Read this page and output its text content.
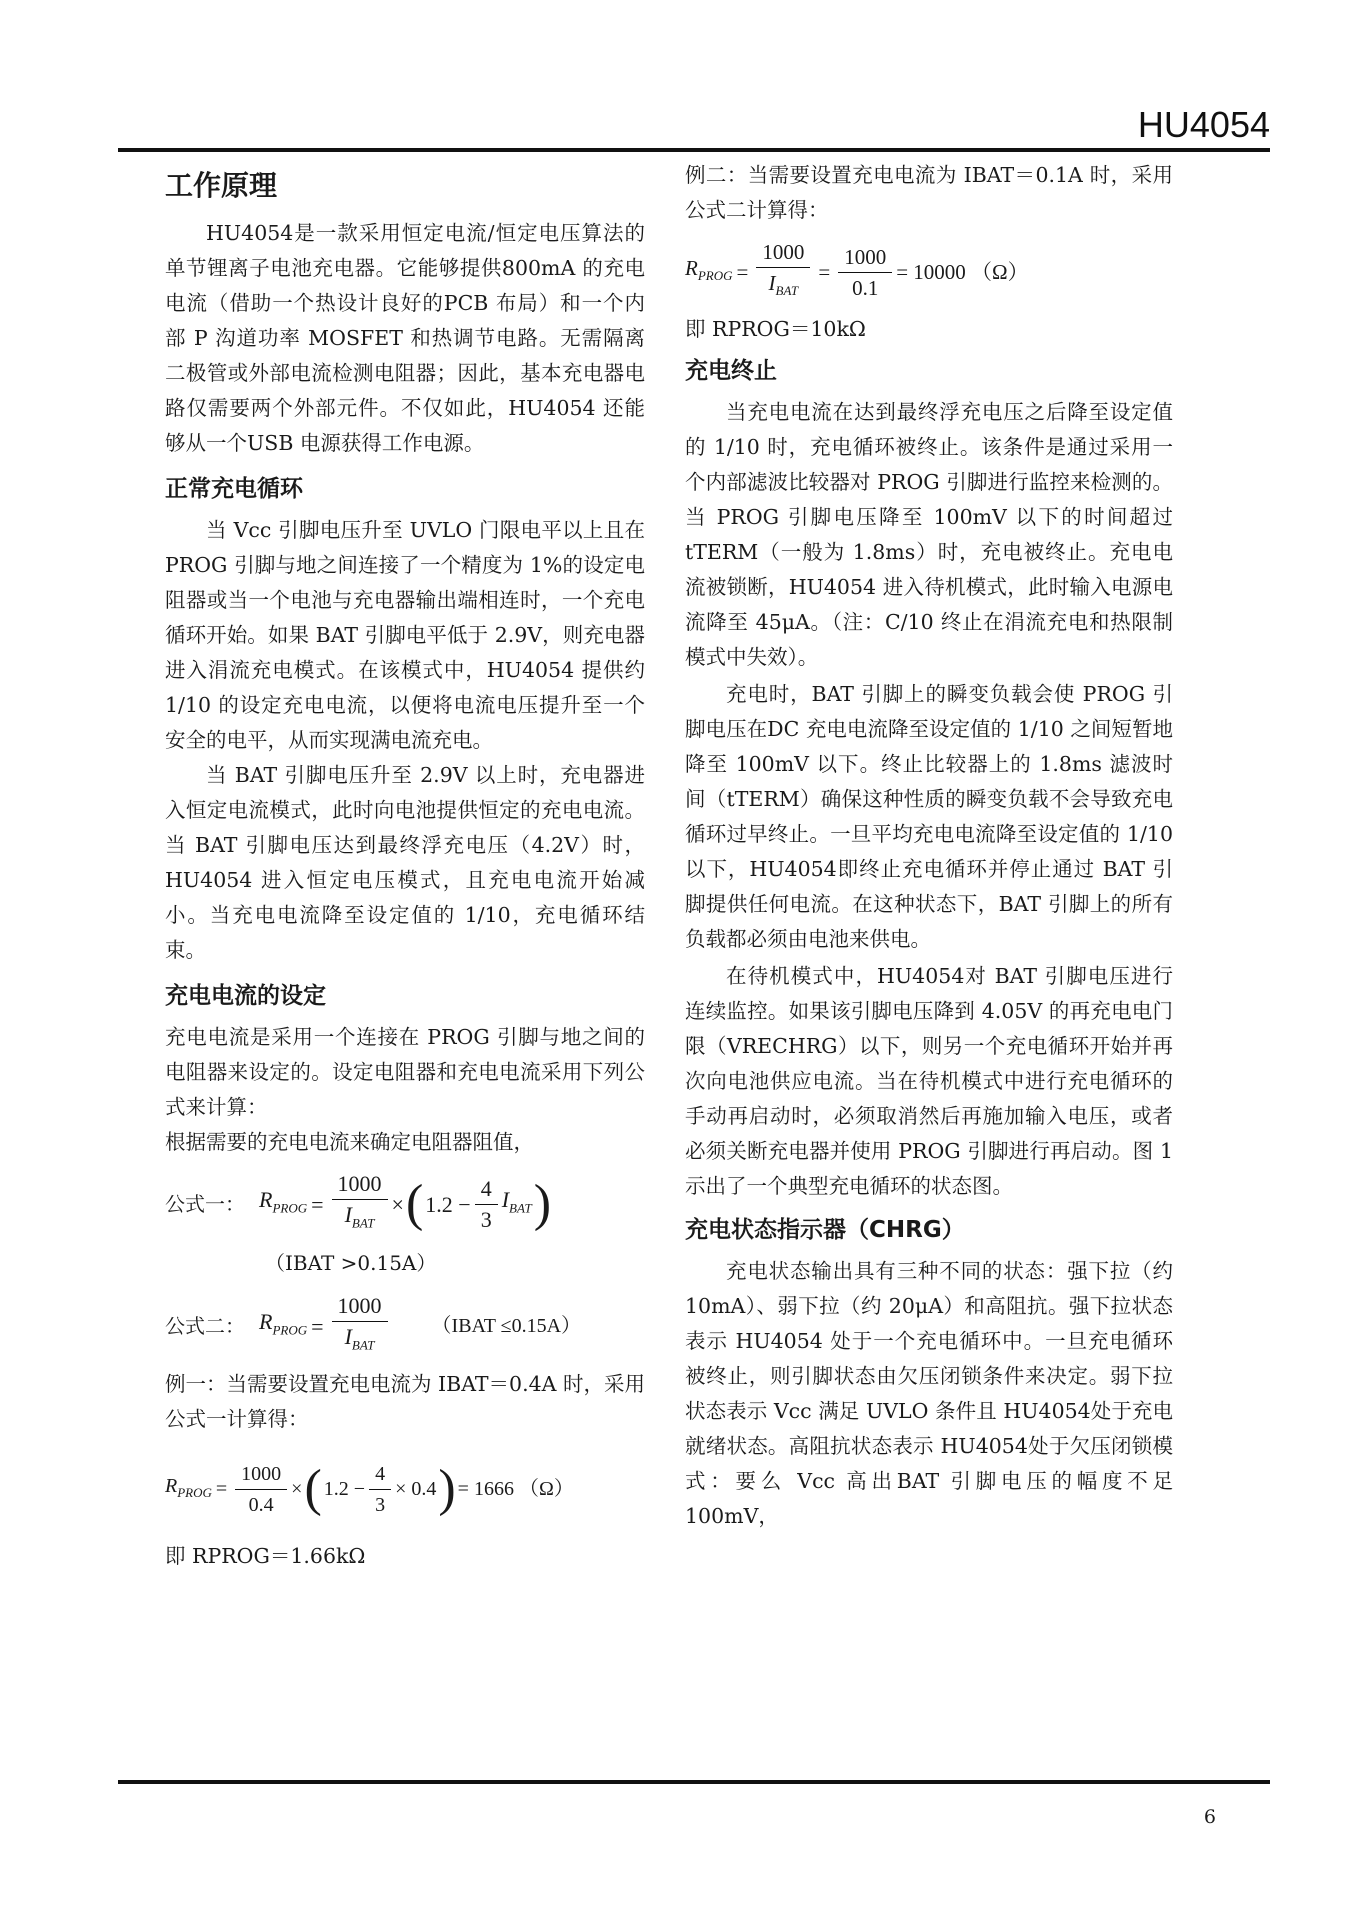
HU4054
工作原理

HU4054是一款采用恒定电流/恒定电压算法的单节锂离子电池充电器。它能够提供800mA 的充电电流（借助一个热设计良好的PCB 布局）和一个内部 P 沟道功率 MOSFET 和热调节电路。无需隔离二极管或外部电流检测电阻器；因此，基本充电器电路仅需要两个外部元件。不仅如此，HU4054 还能够从一个USB 电源获得工作电源。

正常充电循环

当 Vcc 引脚电压升至 UVLO 门限电平以上且在 PROG 引脚与地之间连接了一个精度为 1%的设定电阻器或当一个电池与充电器输出端相连时，一个充电循环开始。如果 BAT 引脚电平低于 2.9V，则充电器进入涓流充电模式。在该模式中，HU4054 提供约 1/10 的设定充电电流，以便将电流电压提升至一个安全的电平，从而实现满电流充电。

当 BAT 引脚电压升至 2.9V 以上时，充电器进入恒定电流模式，此时向电池提供恒定的充电电流。当 BAT 引脚电压达到最终浮充电压（4.2V）时，HU4054 进入恒定电压模式，且充电电流开始减小。当充电电流降至设定值的 1/10，充电循环结束。

充电电流的设定

充电电流是采用一个连接在 PROG 引脚与地之间的电阻器来设定的。设定电阻器和充电电流采用下列公式来计算：

根据需要的充电电流来确定电阻器阻值，

公式一： $R_{PROG} = \frac{1000}{I_{BAT}}$ × ( $1.2 - \frac{4}{3} I_{BAT}$ )
（IBAT >0.15A）
公式二： $R_{PROG} = \frac{1000}{I_{BAT}}$ （IBAT ≤0.15A）

例一：当需要设置充电电流为 IBAT＝0.4A 时，采用公式一计算得：

$R_{PROG} = \frac{1000}{0.4}$ × ( $1.2 - \frac{4}{3} \times 0.4$ ) = 1666 （Ω）

即 RPROG＝1.66kΩ

例二：当需要设置充电电流为 IBAT＝0.1A 时，采用公式二计算得：

$R_{PROG} = \frac{1000}{I_{BAT}} = \frac{1000}{0.1} = 10000$ （Ω）

即 RPROG＝10kΩ

充电终止

当充电电流在达到最终浮充电压之后降至设定值的 1/10 时，充电循环被终止。该条件是通过采用一个内部滤波比较器对 PROG 引脚进行监控来检测的。当 PROG 引脚电压降至 100mV 以下的时间超过 tTERM（一般为 1.8ms）时，充电被终止。充电电流被锁断，HU4054 进入待机模式，此时输入电源电流降至 45μA。（注：C/10 终止在涓流充电和热限制模式中失效）。

充电时，BAT 引脚上的瞬变负载会使 PROG 引脚电压在DC 充电电流降至设定值的 1/10 之间短暂地降至 100mV 以下。终止比较器上的 1.8ms 滤波时间（tTERM）确保这种性质的瞬变负载不会导致充电循环过早终止。一旦平均充电电流降至设定值的 1/10 以下，HU4054即终止充电循环并停止通过 BAT 引脚提供任何电流。在这种状态下，BAT 引脚上的所有负载都必须由电池来供电。

在待机模式中，HU4054对 BAT 引脚电压进行连续监控。如果该引脚电压降到 4.05V 的再充电电门限（VRECHRG）以下，则另一个充电循环开始并再次向电池供应电流。当在待机模式中进行充电循环的手动再启动时，必须取消然后再施加输入电压，或者必须关断充电器并使用 PROG 引脚进行再启动。图 1 示出了一个典型充电循环的状态图。

充电状态指示器（CHRG）

充电状态输出具有三种不同的状态：强下拉（约 10mA）、弱下拉（约 20μA）和高阻抗。强下拉状态表示 HU4054 处于一个充电循环中。一旦充电循环被终止，则引脚状态由欠压闭锁条件来决定。弱下拉状态表示 Vcc 满足 UVLO 条件且 HU4054处于充电就绪状态。高阻抗状态表示 HU4054处于欠压闭锁模式：要么 Vcc 高出BAT 引脚电压的幅度不足 100mV，

6
